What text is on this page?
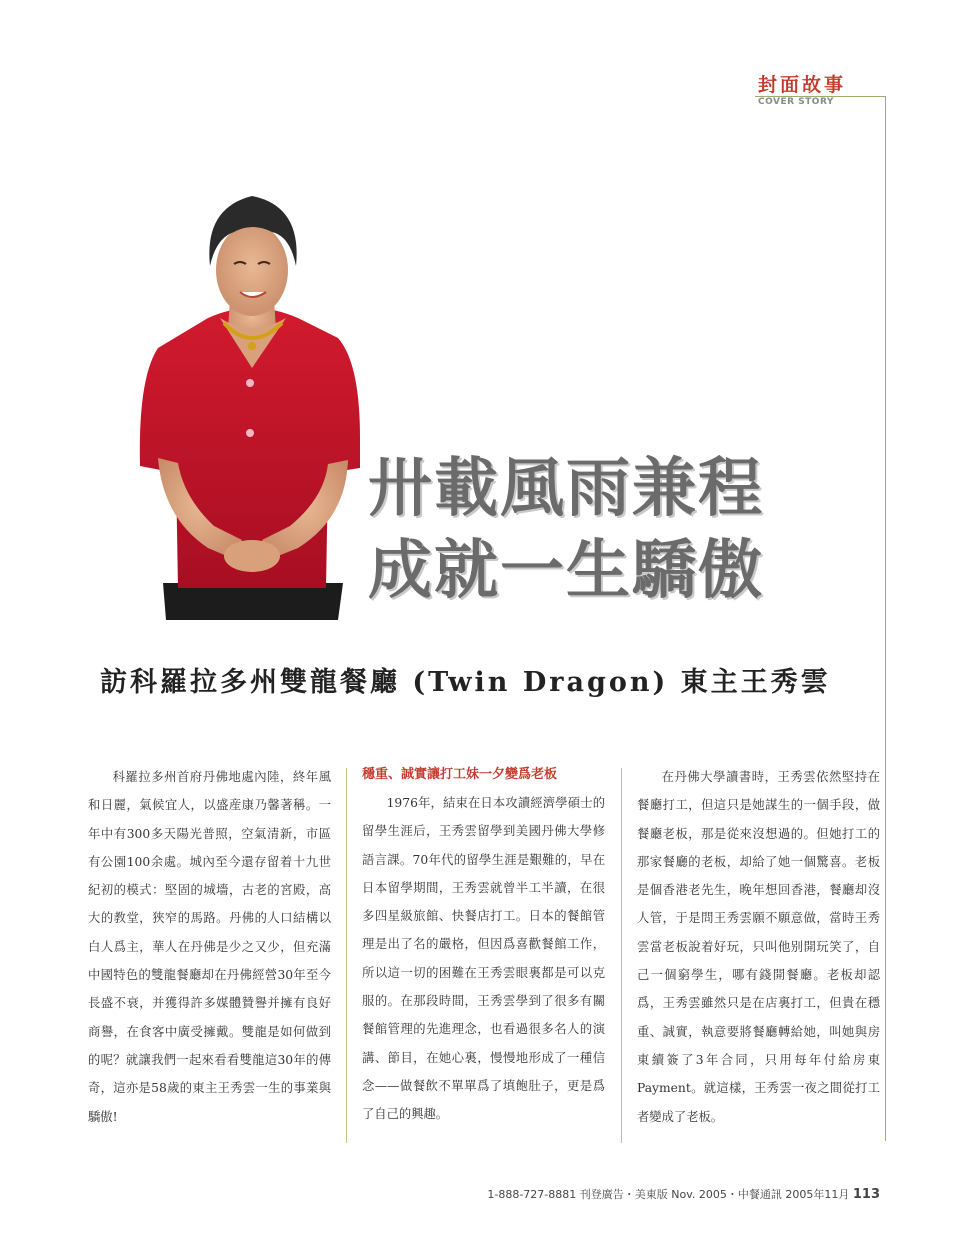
封面故事
COVER STORY
卅載風雨兼程
成就一生驕傲
訪科羅拉多州雙龍餐廳 (Twin Dragon) 東主王秀雲

科羅拉多州首府丹佛地處內陸，終年風和日麗，氣候宜人，以盛産康乃馨著稱。一年中有300多天陽光普照，空氣清新，市區有公園100余處。城內至今還存留着十九世紀初的模式：堅固的城墻，古老的宮殿，高大的教堂，狹窄的馬路。丹佛的人口結構以白人爲主，華人在丹佛是少之又少，但充滿中國特色的雙龍餐廳却在丹佛經營30年至今長盛不衰，并獲得許多媒體贊譽并擁有良好商譽，在食客中廣受擁戴。雙龍是如何做到的呢？就讓我們一起來看看雙龍這30年的傳奇，這亦是58歲的東主王秀雲一生的事業與驕傲!

穩重、誠實讓打工妹一夕變爲老板

1976年，結束在日本攻讀經濟學碩士的留學生涯后，王秀雲留學到美國丹佛大學修語言課。70年代的留學生涯是艱難的，早在日本留學期間，王秀雲就曾半工半讀，在很多四星級旅館、快餐店打工。日本的餐館管理是出了名的嚴格，但因爲喜歡餐館工作，所以這一切的困難在王秀雲眼裏都是可以克服的。在那段時間，王秀雲學到了很多有關餐館管理的先進理念，也看過很多名人的演講、節目，在她心裏，慢慢地形成了一種信念——做餐飲不單單爲了填飽肚子，更是爲了自己的興趣。

在丹佛大學讀書時，王秀雲依然堅持在餐廳打工，但這只是她謀生的一個手段，做餐廳老板，那是從來沒想過的。但她打工的那家餐廳的老板，却給了她一個驚喜。老板是個香港老先生，晚年想回香港，餐廳却沒人管，于是問王秀雲願不願意做，當時王秀雲當老板說着好玩，只叫他别開玩笑了，自己一個窮學生，哪有錢開餐廳。老板却認爲，王秀雲雖然只是在店裏打工，但貴在穩重、誠實，執意要將餐廳轉給她，叫她與房東續簽了3年合同，只用每年付給房東Payment。就這樣，王秀雲一夜之間從打工者變成了老板。

1-888-727-8881 刊登廣告・美東版 Nov. 2005・中餐通訊 2005年11月 113
